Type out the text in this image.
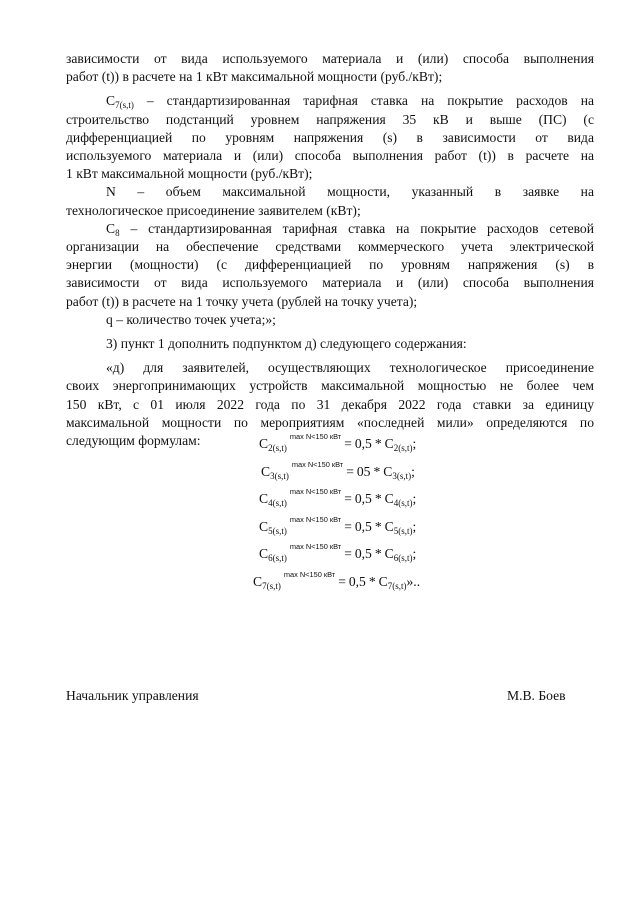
зависимости от вида используемого материала и (или) способа выполнения

работ (t)) в расчете на 1 кВт максимальной мощности (руб./кВт);

$С_{7(s,t)}$ – стандартизированная тарифная ставка на покрытие расходов на

строительство подстанций уровнем напряжения 35 кВ и выше (ПС) (с

дифференциацией по уровням напряжения (s) в зависимости от вида

используемого материала и (или) способа выполнения работ (t)) в расчете на

1 кВт максимальной мощности (руб./кВт);

N – объем максимальной мощности, указанный в заявке на

технологическое присоединение заявителем (кВт);

$С_8$ – стандартизированная тарифная ставка на покрытие расходов сетевой

организации на обеспечение средствами коммерческого учета электрической

энергии (мощности) (с дифференциацией по уровням напряжения (s) в

зависимости от вида используемого материала и (или) способа выполнения

работ (t)) в расчете на 1 точку учета (рублей на точку учета);

q – количество точек учета;»;

3) пункт 1 дополнить подпунктом д) следующего содержания:

«д) для заявителей, осуществляющих технологическое присоединение

своих энергопринимающих устройств максимальной мощностью не более чем

150 кВт, с 01 июля 2022 года по 31 декабря 2022 года ставки за единицу

максимальной мощности по мероприятиям «последней мили» определяются по

следующим формулам:	$С_{2(s,t)}^{max N<150 кВт} = 0,5 * С_{2(s,t)}$;
$С_{3(s,t)}^{max N<150 кВт} = 05 * С_{3(s,t)}$;
$С_{4(s,t)}^{max N<150 кВт} = 0,5 * С_{4(s,t)}$;
$С_{5(s,t)}^{max N<150 кВт} = 0,5 * С_{5(s,t)}$;
$С_{6(s,t)}^{max N<150 кВт} = 0,5 * С_{6(s,t)}$;
$С_{7(s,t)}^{max N<150 кВт} = 0,5 * С_{7(s,t)}$»..
Начальник управления	М.В. Боев
